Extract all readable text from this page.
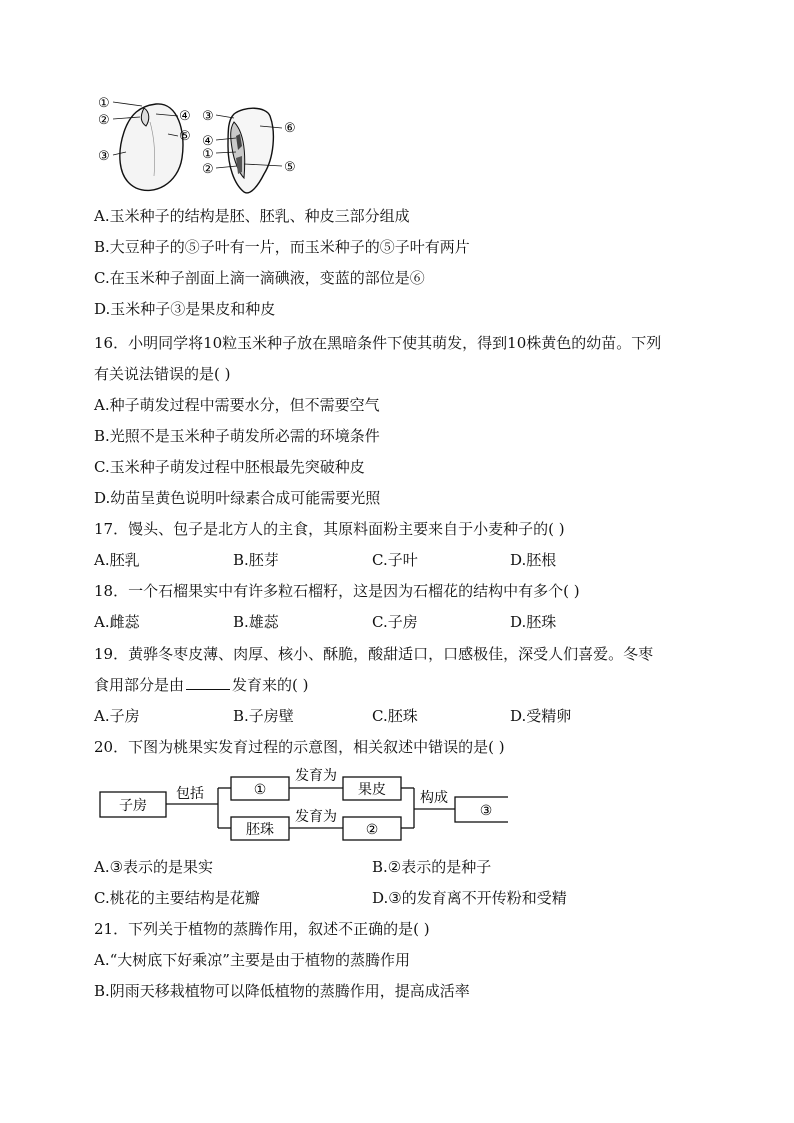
①
②
③
④
⑤
③
④
①
②
⑥
⑤
A.玉米种子的结构是胚、胚乳、种皮三部分组成
B.大豆种子的⑤子叶有一片，而玉米种子的⑤子叶有两片
C.在玉米种子剖面上滴一滴碘液，变蓝的部位是⑥
D.玉米种子③是果皮和种皮
16．小明同学将10粒玉米种子放在黑暗条件下使其萌发，得到10株黄色的幼苗。下列
有关说法错误的是( )
A.种子萌发过程中需要水分，但不需要空气
B.光照不是玉米种子萌发所必需的环境条件
C.玉米种子萌发过程中胚根最先突破种皮
D.幼苗呈黄色说明叶绿素合成可能需要光照
17．馒头、包子是北方人的主食，其原料面粉主要来自于小麦种子的( )
A.胚乳	B.胚芽	C.子叶	D.胚根
18．一个石榴果实中有许多粒石榴籽，这是因为石榴花的结构中有多个( )
A.雌蕊	B.雄蕊	C.子房	D.胚珠
19．黄骅冬枣皮薄、肉厚、核小、酥脆，酸甜适口，口感极佳，深受人们喜爱。冬枣
食用部分是由	发育来的( )
A.子房	B.子房壁	C.胚珠	D.受精卵
20．下图为桃果实发育过程的示意图，相关叙述中错误的是( )
子房
包括	①
发育为
果皮
胚珠
发育为
②
构成
③
A.③表示的是果实	B.②表示的是种子
C.桃花的主要结构是花瓣	D.③的发育离不开传粉和受精
21．下列关于植物的蒸腾作用，叙述不正确的是( )
A.“大树底下好乘凉”主要是由于植物的蒸腾作用
B.阴雨天移栽植物可以降低植物的蒸腾作用，提高成活率
